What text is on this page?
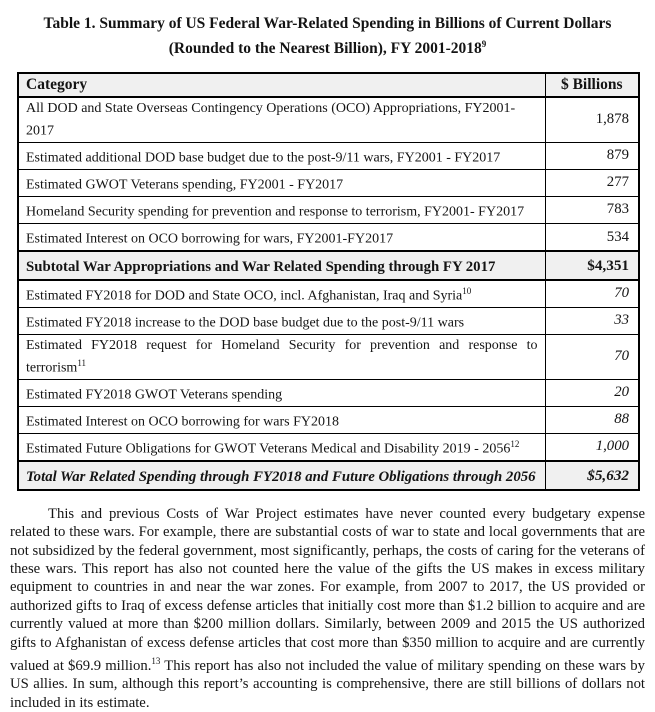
Table 1. Summary of US Federal War-Related Spending in Billions of Current Dollars
(Rounded to the Nearest Billion), FY 2001-2018$^9$
Category	$ Billions
All DOD and State Overseas Contingency Operations (OCO) Appropriations, FY2001-2017	1,878
Estimated additional DOD base budget due to the post-9/11 wars, FY2001 - FY2017	879
Estimated GWOT Veterans spending, FY2001 - FY2017	277
Homeland Security spending for prevention and response to terrorism, FY2001- FY2017	783
Estimated Interest on OCO borrowing for wars, FY2001-FY2017	534
Subtotal War Appropriations and War Related Spending through FY 2017	$4,351
Estimated FY2018 for DOD and State OCO, incl. Afghanistan, Iraq and Syria$^{10}$	70
Estimated FY2018 increase to the DOD base budget due to the post-9/11 wars	33
Estimated FY2018 request for Homeland Security for prevention and response to terrorism$^{11}$	70
Estimated FY2018 GWOT Veterans spending	20
Estimated Interest on OCO borrowing for wars FY2018	88
Estimated Future Obligations for GWOT Veterans Medical and Disability 2019 - 2056$^{12}$	1,000
Total War Related Spending through FY2018 and Future Obligations through 2056	$5,632

This and previous Costs of War Project estimates have never counted every budgetary expense related to these wars. For example, there are substantial costs of war to state and local governments that are not subsidized by the federal government, most significantly, perhaps, the costs of caring for the veterans of these wars. This report has also not counted here the value of the gifts the US makes in excess military equipment to countries in and near the war zones. For example, from 2007 to 2017, the US provided or authorized gifts to Iraq of excess defense articles that initially cost more than $1.2 billion to acquire and are currently valued at more than $200 million dollars. Similarly, between 2009 and 2015 the US authorized gifts to Afghanistan of excess defense articles that cost more than $350 million to acquire and are currently valued at $69.9 million.$^{13}$ This report has also not included the value of military spending on these wars by US allies. In sum, although this report’s accounting is comprehensive, there are still billions of dollars not included in its estimate.
